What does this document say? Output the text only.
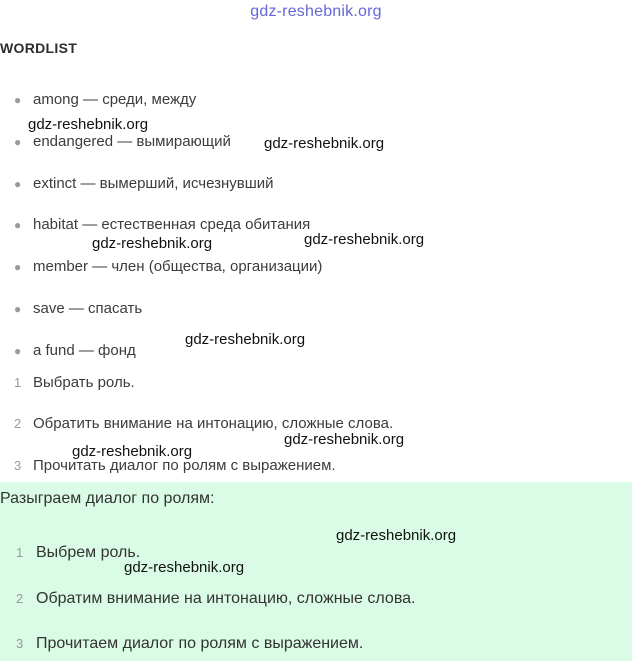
gdz-reshebnik.org
WORDLIST
● among — среди, между
● endangered — вымирающий
● extinct — вымерший, исчезнувший
● habitat — естественная среда обитания
● member — член (общества, организации)
● save — спасать
● a fund — фонд
1 Выбрать роль.
2 Обратить внимание на интонацию, сложные слова.
3 Прочитать диалог по ролям с выражением.
Разыграем диалог по ролям:
1 Выбрем роль.
2 Обратим внимание на интонацию, сложные слова.
3 Прочитаем диалог по ролям с выражением.
gdz-reshebnik.org
gdz-reshebnik.org
gdz-reshebnik.org	gdz-reshebnik.org
gdz-reshebnik.org
gdz-reshebnik.org
gdz-reshebnik.org
gdz-reshebnik.org
gdz-reshebnik.org
